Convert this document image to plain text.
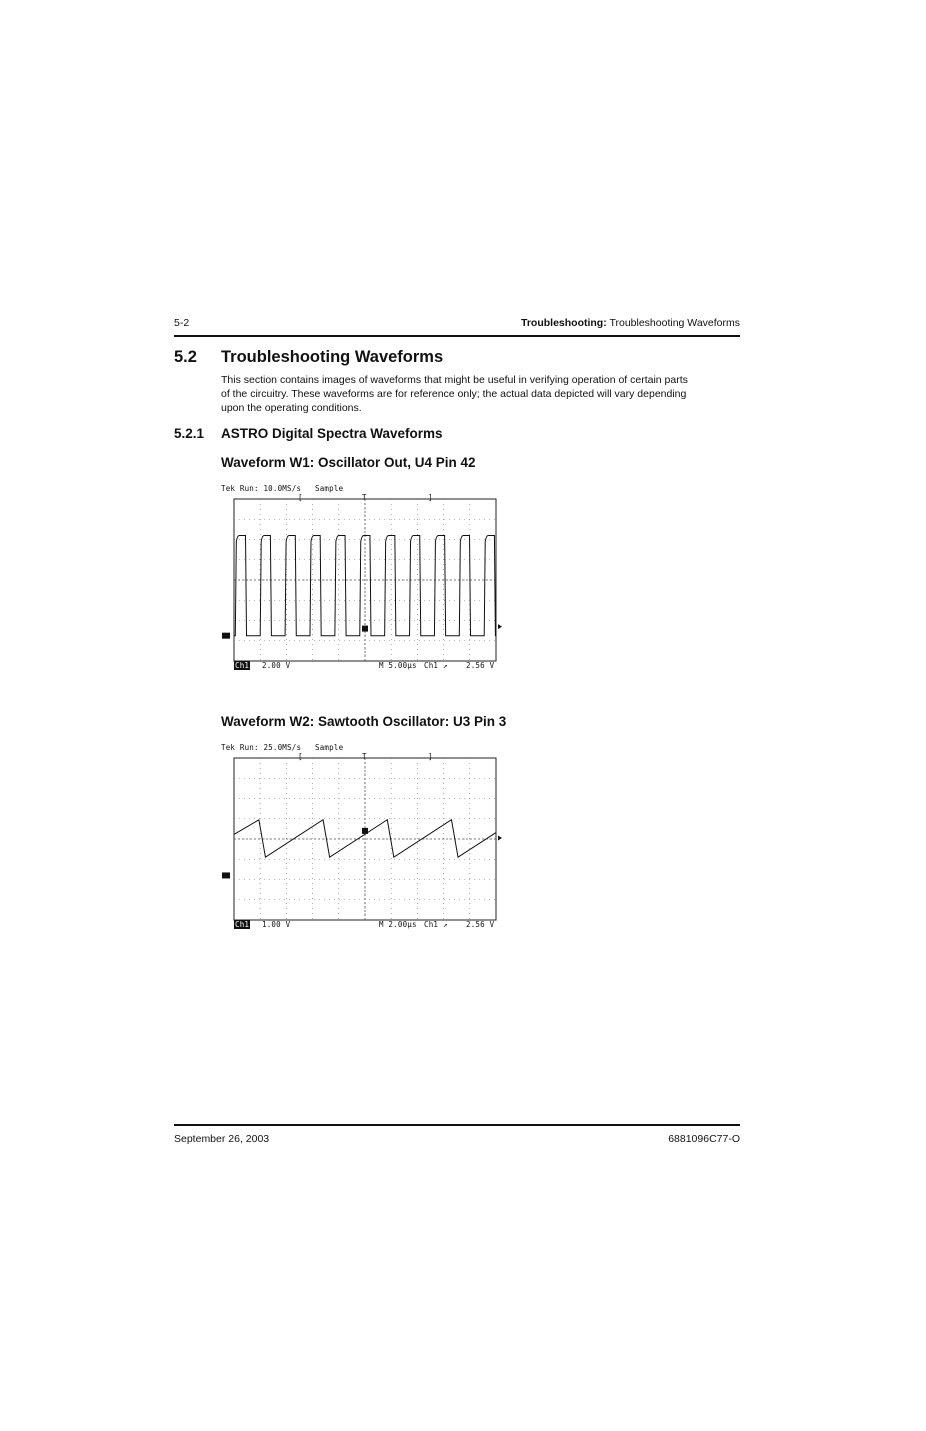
5-2	Troubleshooting: Troubleshooting Waveforms
5.2 Troubleshooting Waveforms
This section contains images of waveforms that might be useful in verifying operation of certain parts
of the circuitry. These waveforms are for reference only; the actual data depicted will vary depending
upon the operating conditions.
5.2.1 ASTRO Digital Spectra Waveforms
Waveform W1: Oscillator Out, U4 Pin 42
Tek Run: 10.0MS/s Sample
[	T	]
Ch1 2.00 V	M 5.00µs Ch1 ↗ 2.56 V
Waveform W2: Sawtooth Oscillator: U3 Pin 3
Tek Run: 25.0MS/s Sample
[	T	]
Ch1 1.00 V	M 2.00µs Ch1 ↗ 2.56 V
September 26, 2003	6881096C77-O
